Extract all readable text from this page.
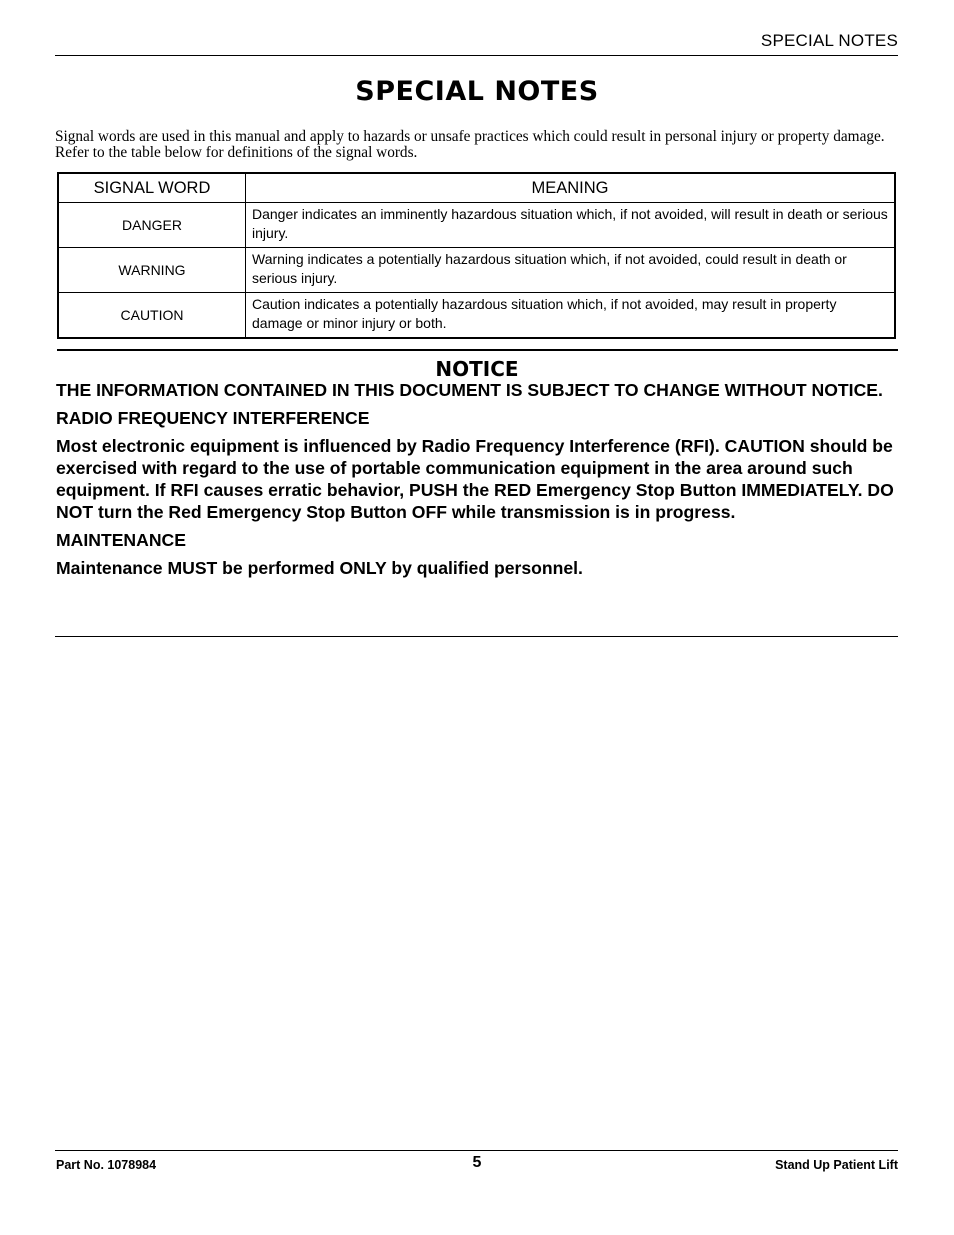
SPECIAL NOTES
SPECIAL NOTES
Signal words are used in this manual and apply to hazards or unsafe practices which could result in personal injury or property damage. Refer to the table below for definitions of the signal words.
SIGNAL WORD	MEANING
DANGER	Danger indicates an imminently hazardous situation which, if not avoided, will result in death or serious injury.
WARNING	Warning indicates a potentially hazardous situation which, if not avoided, could result in death or serious injury.
CAUTION	Caution indicates a potentially hazardous situation which, if not avoided, may result in property damage or minor injury or both.
NOTICE

THE INFORMATION CONTAINED IN THIS DOCUMENT IS SUBJECT TO CHANGE WITHOUT NOTICE.

RADIO FREQUENCY INTERFERENCE

Most electronic equipment is influenced by Radio Frequency Interference (RFI). CAUTION should be exercised with regard to the use of portable communication equipment in the area around such equipment. If RFI causes erratic behavior, PUSH the RED Emergency Stop Button IMMEDIATELY. DO NOT turn the Red Emergency Stop Button OFF while transmission is in progress.

MAINTENANCE

Maintenance MUST be performed ONLY by qualified personnel.

Part No. 1078984	5	Stand Up Patient Lift
